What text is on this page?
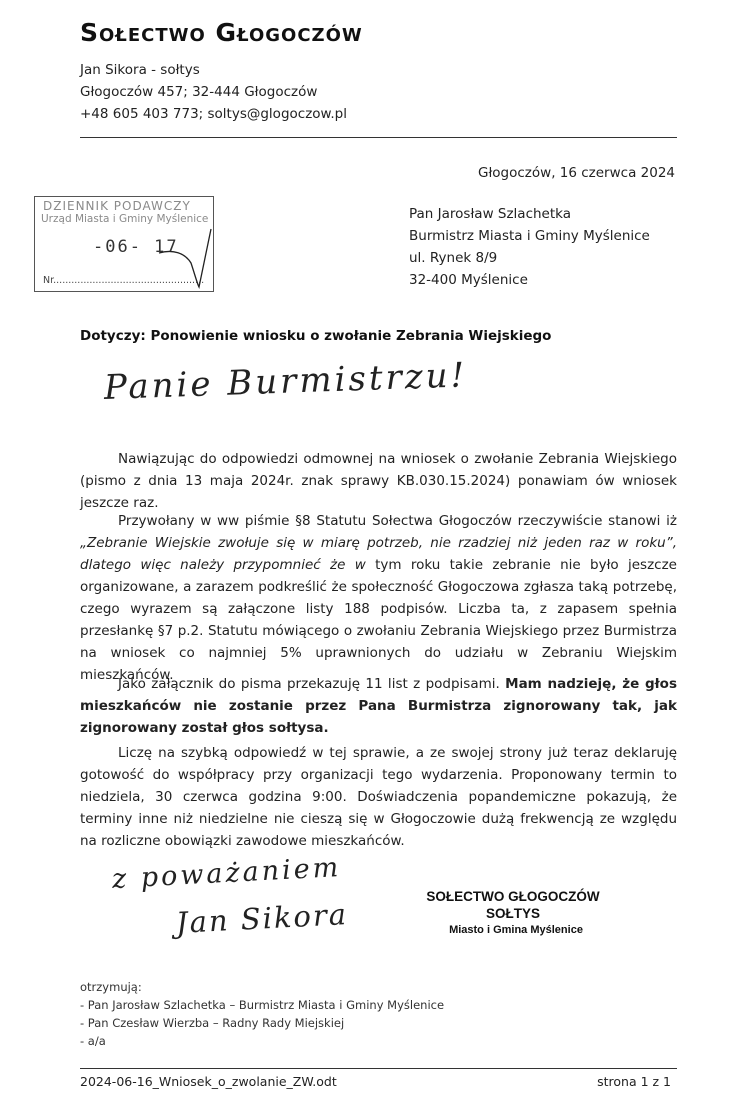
Sołectwo Głogoczów
Jan Sikora - sołtys
Głogoczów 457; 32-444 Głogoczów
+48 605 403 773; soltys@glogoczow.pl
Głogoczów, 16 czerwca 2024
DZIENNIK PODAWCZY
Urząd Miasta i Gminy Myślenice
-06- 17
Nr..................................................
Pan Jarosław Szlachetka
Burmistrz Miasta i Gminy Myślenice
ul. Rynek 8/9
32-400 Myślenice
Dotyczy: Ponowienie wniosku o zwołanie Zebrania Wiejskiego
Panie Burmistrzu!

Nawiązując do odpowiedzi odmownej na wniosek o zwołanie Zebrania Wiejskiego (pismo z dnia 13 maja 2024r. znak sprawy KB.030.15.2024) ponawiam ów wniosek jeszcze raz.

Przywołany w ww piśmie §8 Statutu Sołectwa Głogoczów rzeczywiście stanowi iż „Zebranie Wiejskie zwołuje się w miarę potrzeb, nie rzadziej niż jeden raz w roku”, dlatego więc należy przypomnieć że w tym roku takie zebranie nie było jeszcze organizowane, a zarazem podkreślić że społeczność Głogoczowa zgłasza taką potrzebę, czego wyrazem są załączone listy 188 podpisów. Liczba ta, z zapasem spełnia przesłankę §7 p.2. Statutu mówiącego o zwołaniu Zebrania Wiejskiego przez Burmistrza na wniosek co najmniej 5% uprawnionych do udziału w Zebraniu Wiejskim mieszkańców.

Jako załącznik do pisma przekazuję 11 list z podpisami. Mam nadzieję, że głos mieszkańców nie zostanie przez Pana Burmistrza zignorowany tak, jak zignorowany został głos sołtysa.

Liczę na szybką odpowiedź w tej sprawie, a ze swojej strony już teraz deklaruję gotowość do współpracy przy organizacji tego wydarzenia. Proponowany termin to niedziela, 30 czerwca godzina 9:00. Doświadczenia popandemiczne pokazują, że terminy inne niż niedzielne nie cieszą się w Głogoczowie dużą frekwencją ze względu na rozliczne obowiązki zawodowe mieszkańców.

z poważaniem
Jan Sikora
SOŁECTWO GŁOGOCZÓW
SOŁTYS
Miasto i Gmina Myślenice
otrzymują:
- Pan Jarosław Szlachetka – Burmistrz Miasta i Gminy Myślenice
- Pan Czesław Wierzba – Radny Rady Miejskiej
- a/a
2024-06-16_Wniosek_o_zwolanie_ZW.odt	strona 1 z 1
